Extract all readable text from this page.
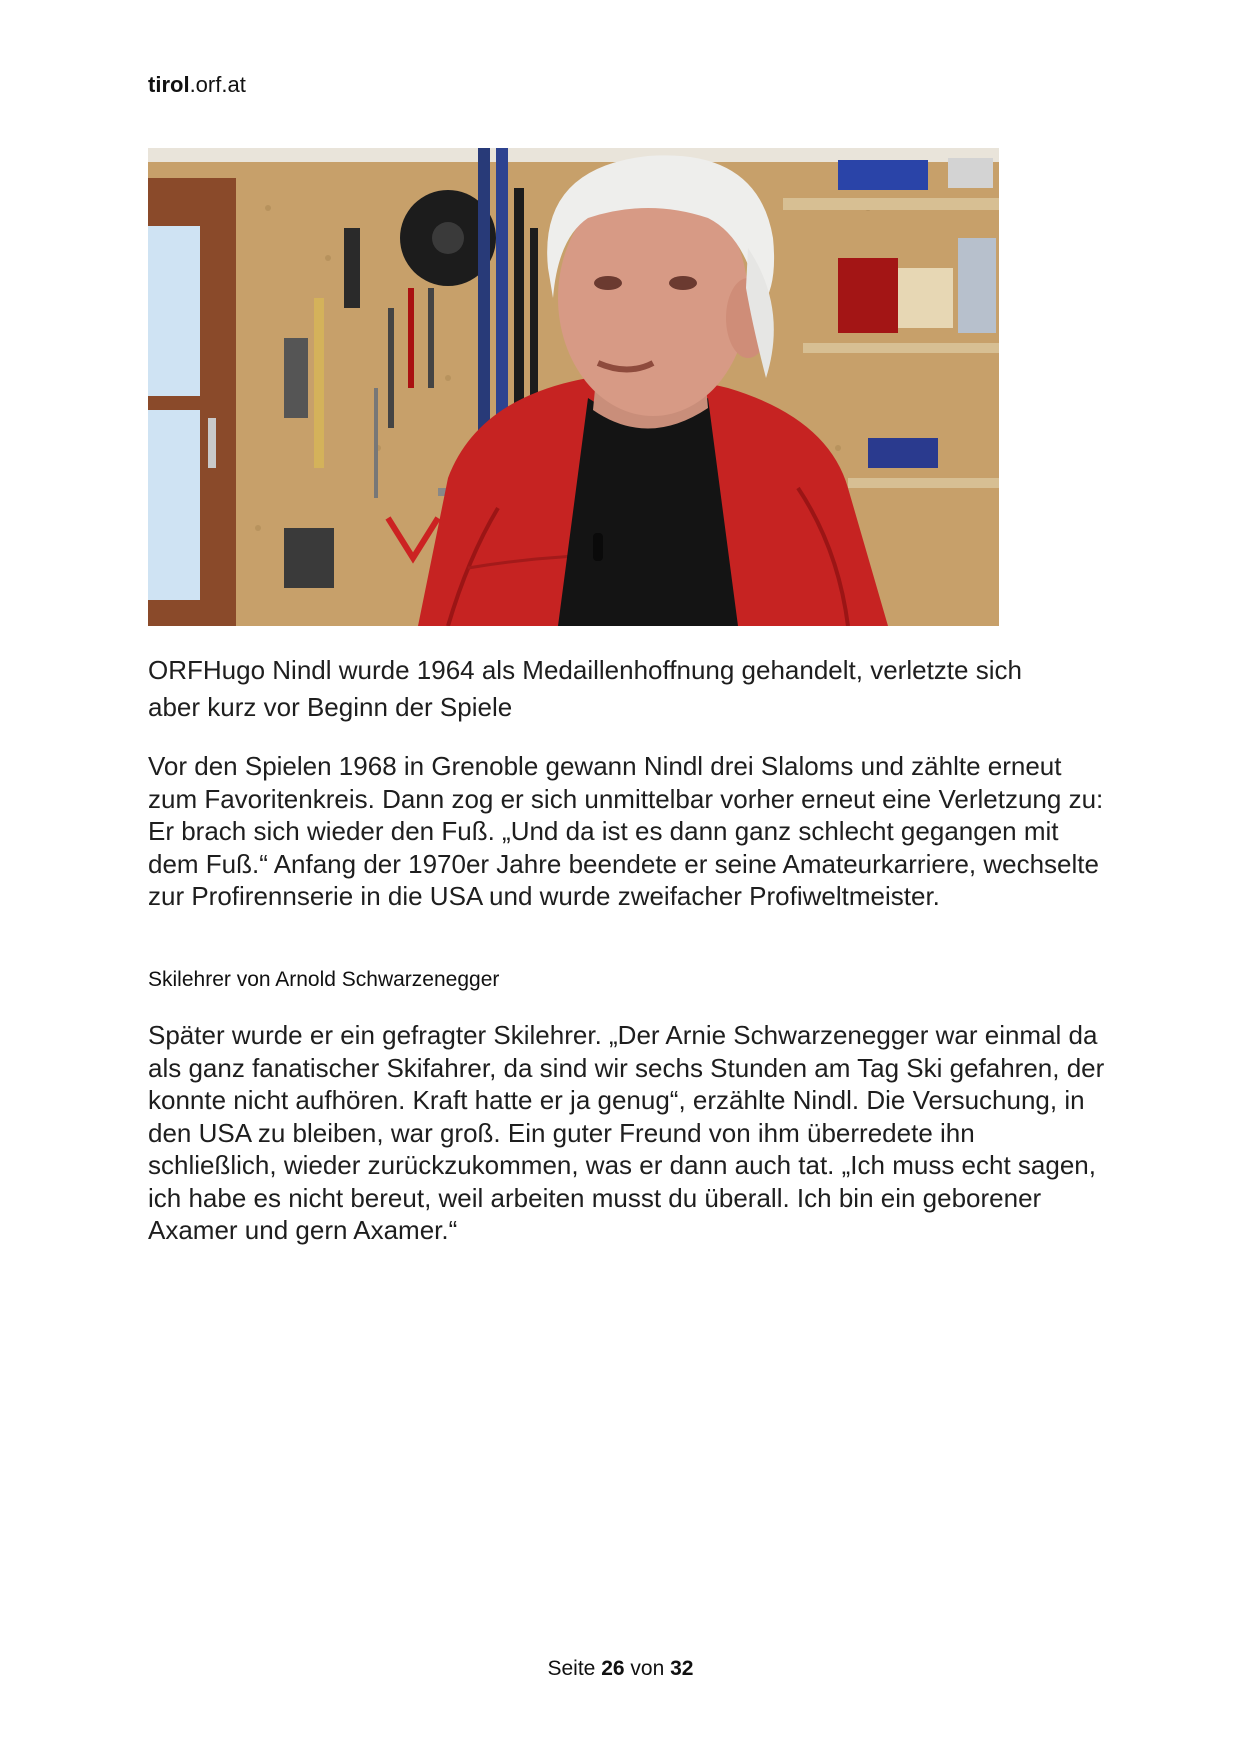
tirol.orf.at
ORFHugo Nindl wurde 1964 als Medaillenhoffnung gehandelt, verletzte sich aber kurz vor Beginn der Spiele
Vor den Spielen 1968 in Grenoble gewann Nindl drei Slaloms und zählte erneut zum Favoritenkreis. Dann zog er sich unmittelbar vorher erneut eine Verletzung zu: Er brach sich wieder den Fuß. „Und da ist es dann ganz schlecht gegangen mit dem Fuß.“ Anfang der 1970er Jahre beendete er seine Amateurkarriere, wechselte zur Profirennserie in die USA und wurde zweifacher Profiweltmeister.
Skilehrer von Arnold Schwarzenegger
Später wurde er ein gefragter Skilehrer. „Der Arnie Schwarzenegger war einmal da als ganz fanatischer Skifahrer, da sind wir sechs Stunden am Tag Ski gefahren, der konnte nicht aufhören. Kraft hatte er ja genug“, erzählte Nindl. Die Versuchung, in den USA zu bleiben, war groß. Ein guter Freund von ihm überredete ihn schließlich, wieder zurückzukommen, was er dann auch tat. „Ich muss echt sagen, ich habe es nicht bereut, weil arbeiten musst du überall. Ich bin ein geborener Axamer und gern Axamer.“
Seite 26 von 32
